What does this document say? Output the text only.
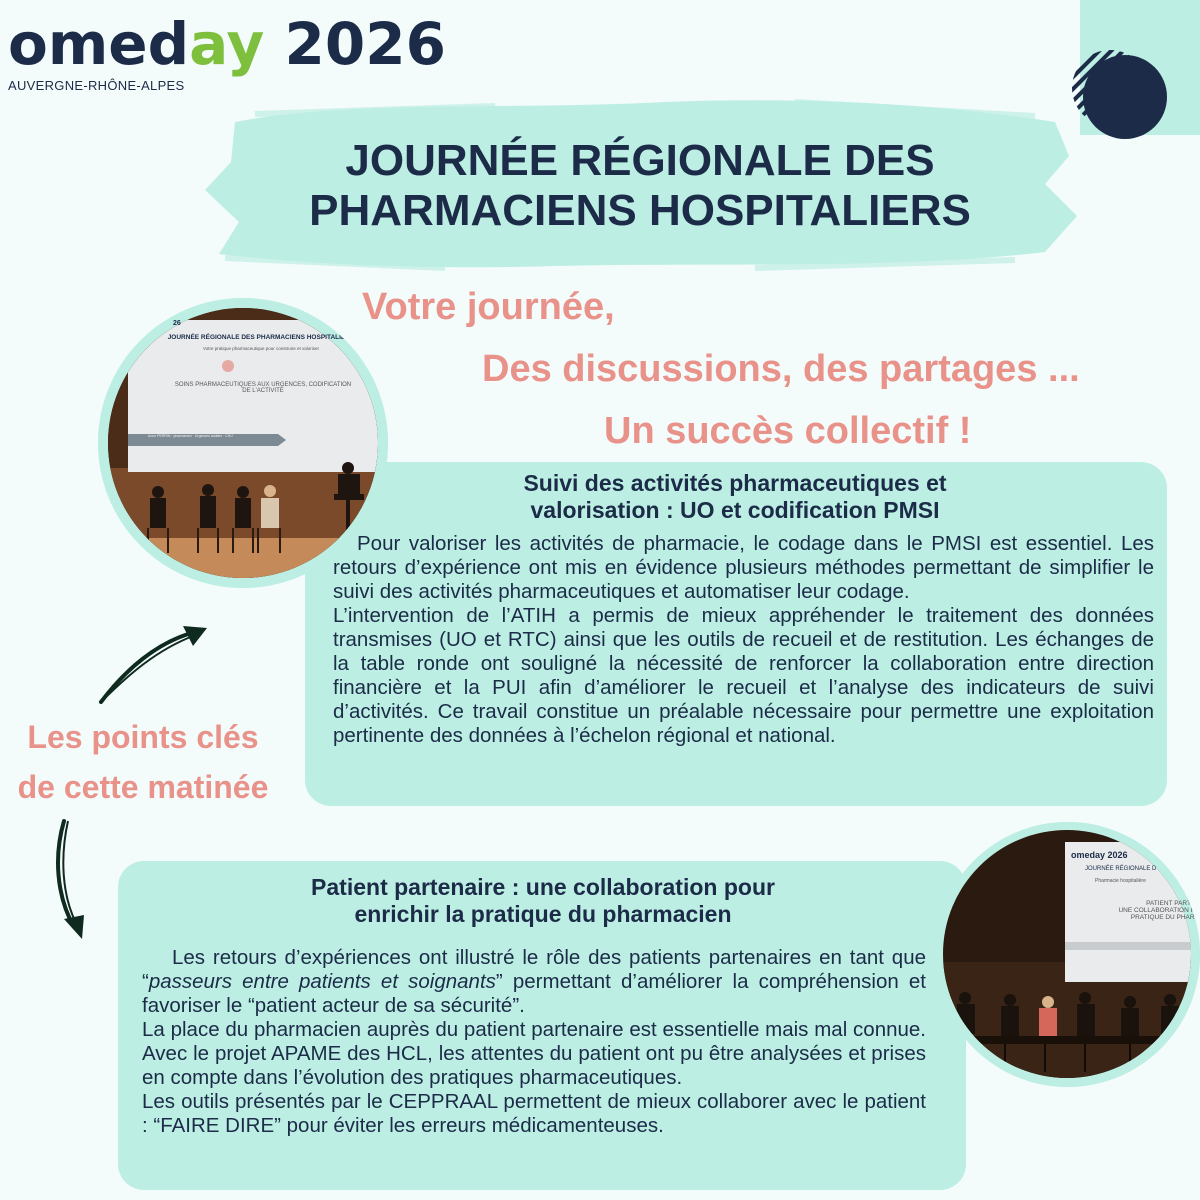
omeday 2026
AUVERGNE-RHÔNE-ALPES
JOURNÉE RÉGIONALE DES
PHARMACIENS HOSPITALIERS
Votre journée,
Des discussions, des partages ...
Un succès collectif !
Suivi des activités pharmaceutiques et
valorisation : UO et codification PMSI

Pour valoriser les activités de pharmacie, le codage dans le PMSI est essentiel. Les retours d’expérience ont mis en évidence plusieurs méthodes permettant de simplifier le suivi des activités pharmaceutiques et automatiser leur codage.

L’intervention de l’ATIH a permis de mieux appréhender le traitement des données transmises (UO et RTC) ainsi que les outils de recueil et de restitution. Les échanges de la table ronde ont souligné la nécessité de renforcer la collaboration entre direction financière et la PUI afin d’améliorer le recueil et l’analyse des indicateurs de suivi d’activités. Ce travail constitue un préalable nécessaire pour permettre une exploitation pertinente des données à l’échelon régional et national.

26
JOURNÉE RÉGIONALE DES PHARMACIENS HOSPITALIERS
Votre pratique pharmaceutique pour construire et valoriser
SOINS PHARMACEUTIQUES AUX URGENCES, CODIFICATION
DE L'ACTIVITÉ
Anne PERRIN · pharmacien · Urgences adultes · CHU
Les points clés
de cette matinée
Patient partenaire : une collaboration pour
enrichir la pratique du pharmacien

Les retours d’expériences ont illustré le rôle des patients partenaires en tant que “passeurs entre patients et soignants” permettant d’améliorer la compréhension et favoriser le “patient acteur de sa sécurité”.

La place du pharmacien auprès du patient partenaire est essentielle mais mal connue. Avec le projet APAME des HCL, les attentes du patient ont pu être analysées et prises en compte dans l’évolution des pratiques pharmaceutiques.

Les outils présentés par le CEPPRAAL permettent de mieux collaborer avec le patient : “FAIRE DIRE” pour éviter les erreurs médicamenteuses.

omeday 2026
JOURNÉE RÉGIONALE D
Pharmacie hospitalière
PATIENT PARTEN
UNE COLLABORATION PO
PRATIQUE DU PHARM
